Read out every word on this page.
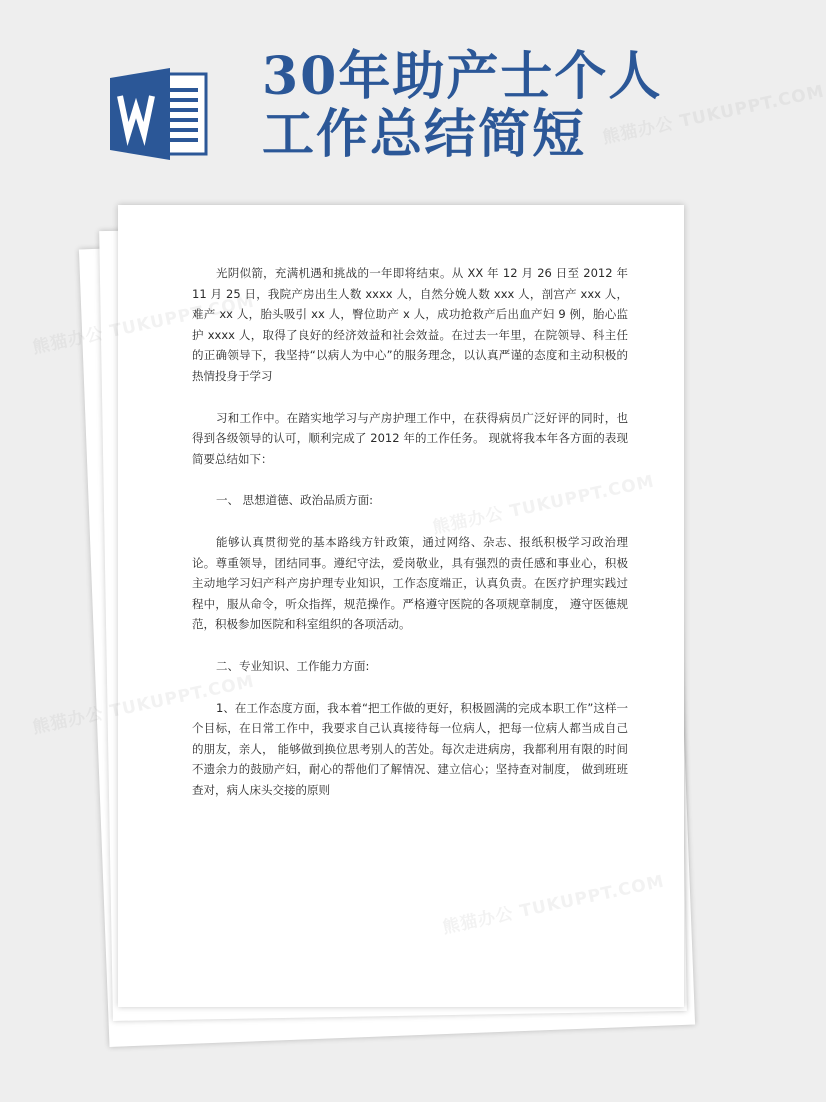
30年助产士个人
工作总结简短

光阴似箭，充满机遇和挑战的一年即将结束。从 XX 年 12 月 26 日至 2012 年 11 月 25 日，我院产房出生人数 xxxx 人，自然分娩人数 xxx 人，剖宫产 xxx 人，难产 xx 人，胎头吸引 xx 人，臀位助产 x 人，成功抢救产后出血产妇 9 例，胎心监护 xxxx 人，取得了良好的经济效益和社会效益。在过去一年里，在院领导、科主任的正确领导下，我坚持“以病人为中心”的服务理念，以认真严谨的态度和主动积极的热情投身于学习

习和工作中。在踏实地学习与产房护理工作中，在获得病员广泛好评的同时，也得到各级领导的认可，顺利完成了 2012 年的工作任务。 现就将我本年各方面的表现简要总结如下：

一、 思想道德、政治品质方面:

能够认真贯彻党的基本路线方针政策，通过网络、杂志、报纸积极学习政治理论。尊重领导，团结同事。遵纪守法，爱岗敬业，具有强烈的责任感和事业心，积极主动地学习妇产科产房护理专业知识，工作态度端正，认真负责。在医疗护理实践过程中，服从命令，听众指挥，规范操作。严格遵守医院的各项规章制度， 遵守医德规范，积极参加医院和科室组织的各项活动。

二、专业知识、工作能力方面:

1、在工作态度方面，我本着“把工作做的更好，积极圆满的完成本职工作”这样一个目标，在日常工作中，我要求自己认真接待每一位病人，把每一位病人都当成自己的朋友，亲人， 能够做到换位思考别人的苦处。每次走进病房，我都利用有限的时间不遗余力的鼓励产妇，耐心的帮他们了解情况、建立信心；坚持查对制度， 做到班班查对，病人床头交接的原则

熊猫办公
熊猫办公
熊猫办公 TUKUPPT.COM
